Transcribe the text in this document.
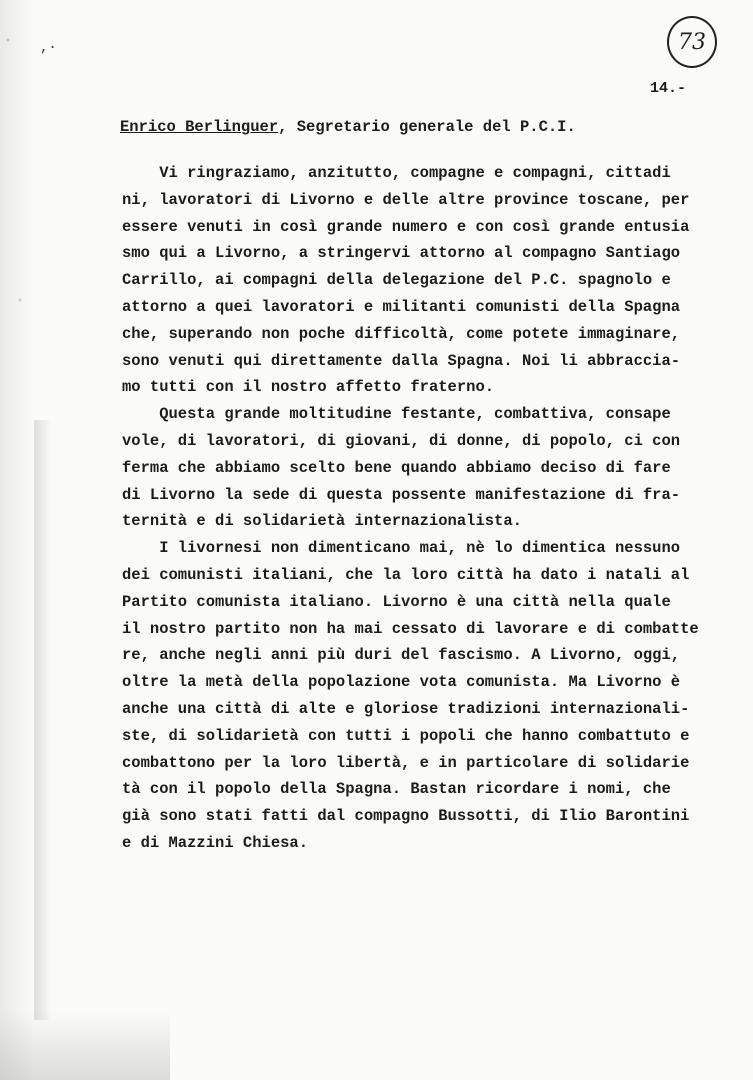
,·	73
14.-
Enrico Berlinguer, Segretario generale del P.C.I.
Vi ringraziamo, anzitutto, compagne e compagni, cittadi
ni, lavoratori di Livorno e delle altre province toscane, per
essere venuti in così grande numero e con così grande entusia
smo qui a Livorno, a stringervi attorno al compagno Santiago
Carrillo, ai compagni della delegazione del P.C. spagnolo e
attorno a quei lavoratori e militanti comunisti della Spagna
che, superando non poche difficoltà, come potete immaginare,
sono venuti qui direttamente dalla Spagna. Noi li abbraccia-
mo tutti con il nostro affetto fraterno.
Questa grande moltitudine festante, combattiva, consape
vole, di lavoratori, di giovani, di donne, di popolo, ci con
ferma che abbiamo scelto bene quando abbiamo deciso di fare
di Livorno la sede di questa possente manifestazione di fra-
ternità e di solidarietà internazionalista.
I livornesi non dimenticano mai, nè lo dimentica nessuno
dei comunisti italiani, che la loro città ha dato i natali al
Partito comunista italiano. Livorno è una città nella quale
il nostro partito non ha mai cessato di lavorare e di combatte
re, anche negli anni più duri del fascismo. A Livorno, oggi,
oltre la metà della popolazione vota comunista. Ma Livorno è
anche una città di alte e gloriose tradizioni internazionali-
ste, di solidarietà con tutti i popoli che hanno combattuto e
combattono per la loro libertà, e in particolare di solidarie
tà con il popolo della Spagna. Bastan ricordare i nomi, che
già sono stati fatti dal compagno Bussotti, di Ilio Barontini
e di Mazzini Chiesa.
